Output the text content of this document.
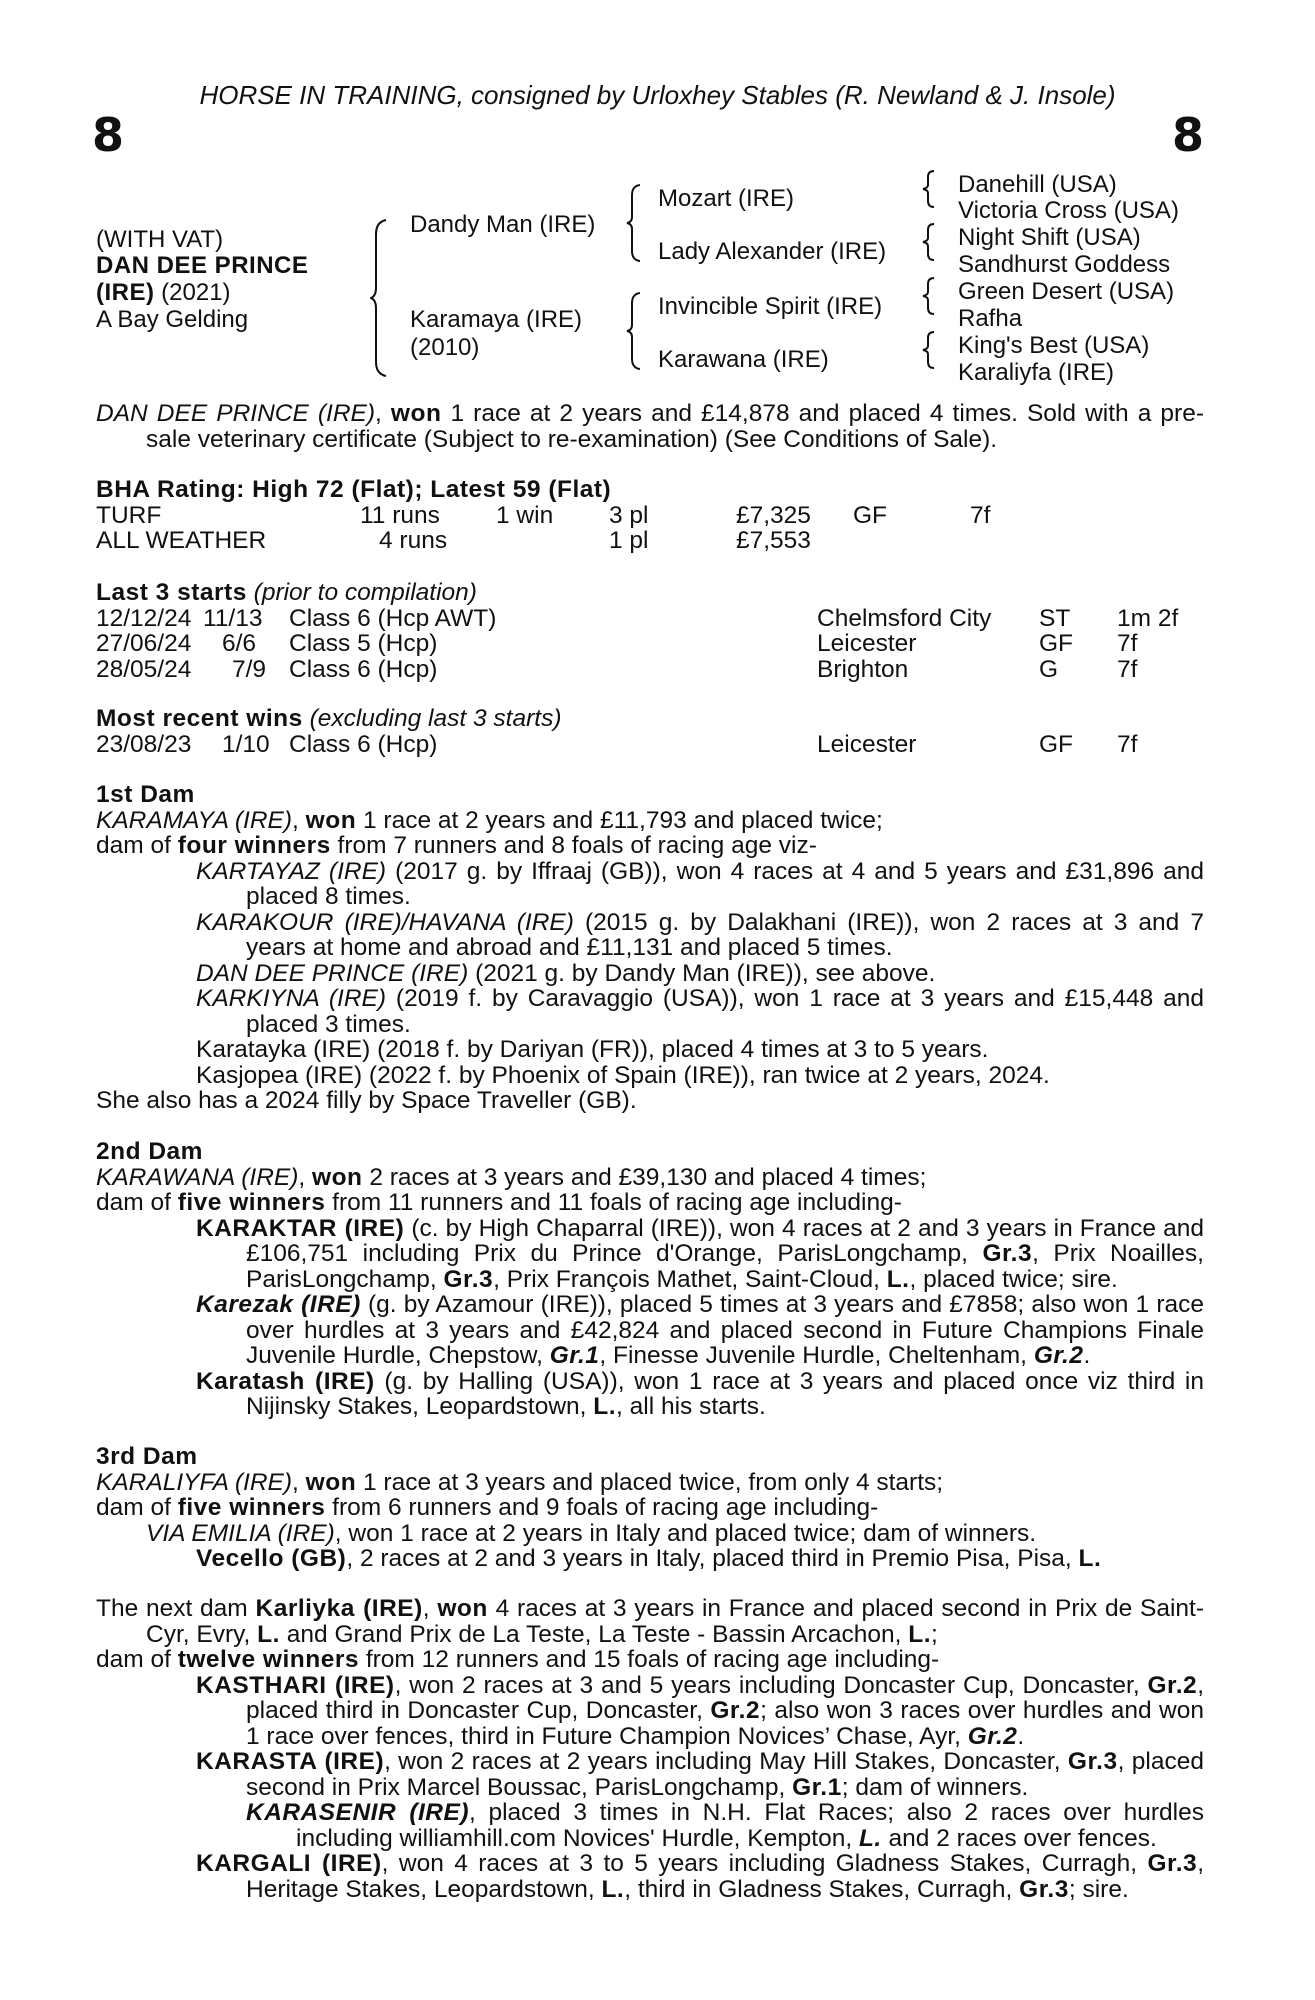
HORSE IN TRAINING, consigned by Urloxhey Stables (R. Newland & J. Insole)
8	8
(WITH VAT)
DAN DEE PRINCE
(IRE) (2021)
A Bay Gelding
Dandy Man (IRE)
Karamaya (IRE)
(2010)
Mozart (IRE)
Lady Alexander (IRE)
Invincible Spirit (IRE)
Karawana (IRE)
Danehill (USA)
Victoria Cross (USA)
Night Shift (USA)
Sandhurst Goddess
Green Desert (USA)
Rafha
King's Best (USA)
Karaliyfa (IRE)
DAN DEE PRINCE (IRE), won 1 race at 2 years and £14,878 and placed 4 times. Sold with a pre-sale veterinary certificate (Subject to re-examination) (See Conditions of Sale).
BHA Rating: High 72 (Flat); Latest 59 (Flat)
TURF	11 runs 1 win 3 pl	£7,325 GF	7f
ALL WEATHER	4 runs	1 pl	£7,553
Last 3 starts (prior to compilation)
12/12/24 11/13 Class 6 (Hcp AWT)	Chelmsford City ST 1m 2f
27/06/24 6/6 Class 5 (Hcp)	Leicester	GF 7f
28/05/24 7/9 Class 6 (Hcp)	Brighton	G 7f
Most recent wins (excluding last 3 starts)
23/08/23 1/10 Class 6 (Hcp)	Leicester	GF 7f
1st Dam
KARAMAYA (IRE), won 1 race at 2 years and £11,793 and placed twice;
dam of four winners from 7 runners and 8 foals of racing age viz-
KARTAYAZ (IRE) (2017 g. by Iffraaj (GB)), won 4 races at 4 and 5 years and £31,896 and placed 8 times.
KARAKOUR (IRE)/HAVANA (IRE) (2015 g. by Dalakhani (IRE)), won 2 races at 3 and 7 years at home and abroad and £11,131 and placed 5 times.
DAN DEE PRINCE (IRE) (2021 g. by Dandy Man (IRE)), see above.
KARKIYNA (IRE) (2019 f. by Caravaggio (USA)), won 1 race at 3 years and £15,448 and placed 3 times.
Karatayka (IRE) (2018 f. by Dariyan (FR)), placed 4 times at 3 to 5 years.
Kasjopea (IRE) (2022 f. by Phoenix of Spain (IRE)), ran twice at 2 years, 2024.
She also has a 2024 filly by Space Traveller (GB).
2nd Dam
KARAWANA (IRE), won 2 races at 3 years and £39,130 and placed 4 times;
dam of five winners from 11 runners and 11 foals of racing age including-
KARAKTAR (IRE) (c. by High Chaparral (IRE)), won 4 races at 2 and 3 years in France and £106,751 including Prix du Prince d'Orange, ParisLongchamp, Gr.3, Prix Noailles, ParisLongchamp, Gr.3, Prix François Mathet, Saint-Cloud, L., placed twice; sire.
Karezak (IRE) (g. by Azamour (IRE)), placed 5 times at 3 years and £7858; also won 1 race over hurdles at 3 years and £42,824 and placed second in Future Champions Finale Juvenile Hurdle, Chepstow, Gr.1, Finesse Juvenile Hurdle, Cheltenham, Gr.2.
Karatash (IRE) (g. by Halling (USA)), won 1 race at 3 years and placed once viz third in Nijinsky Stakes, Leopardstown, L., all his starts.
3rd Dam
KARALIYFA (IRE), won 1 race at 3 years and placed twice, from only 4 starts;
dam of five winners from 6 runners and 9 foals of racing age including-
VIA EMILIA (IRE), won 1 race at 2 years in Italy and placed twice; dam of winners.
Vecello (GB), 2 races at 2 and 3 years in Italy, placed third in Premio Pisa, Pisa, L.
The next dam Karliyka (IRE), won 4 races at 3 years in France and placed second in Prix de Saint-Cyr, Evry, L. and Grand Prix de La Teste, La Teste - Bassin Arcachon, L.;
dam of twelve winners from 12 runners and 15 foals of racing age including-
KASTHARI (IRE), won 2 races at 3 and 5 years including Doncaster Cup, Doncaster, Gr.2, placed third in Doncaster Cup, Doncaster, Gr.2; also won 3 races over hurdles and won 1 race over fences, third in Future Champion Novices’ Chase, Ayr, Gr.2.
KARASTA (IRE), won 2 races at 2 years including May Hill Stakes, Doncaster, Gr.3, placed second in Prix Marcel Boussac, ParisLongchamp, Gr.1; dam of winners.
KARASENIR (IRE), placed 3 times in N.H. Flat Races; also 2 races over hurdles including williamhill.com Novices' Hurdle, Kempton, L. and 2 races over fences.
KARGALI (IRE), won 4 races at 3 to 5 years including Gladness Stakes, Curragh, Gr.3, Heritage Stakes, Leopardstown, L., third in Gladness Stakes, Curragh, Gr.3; sire.
